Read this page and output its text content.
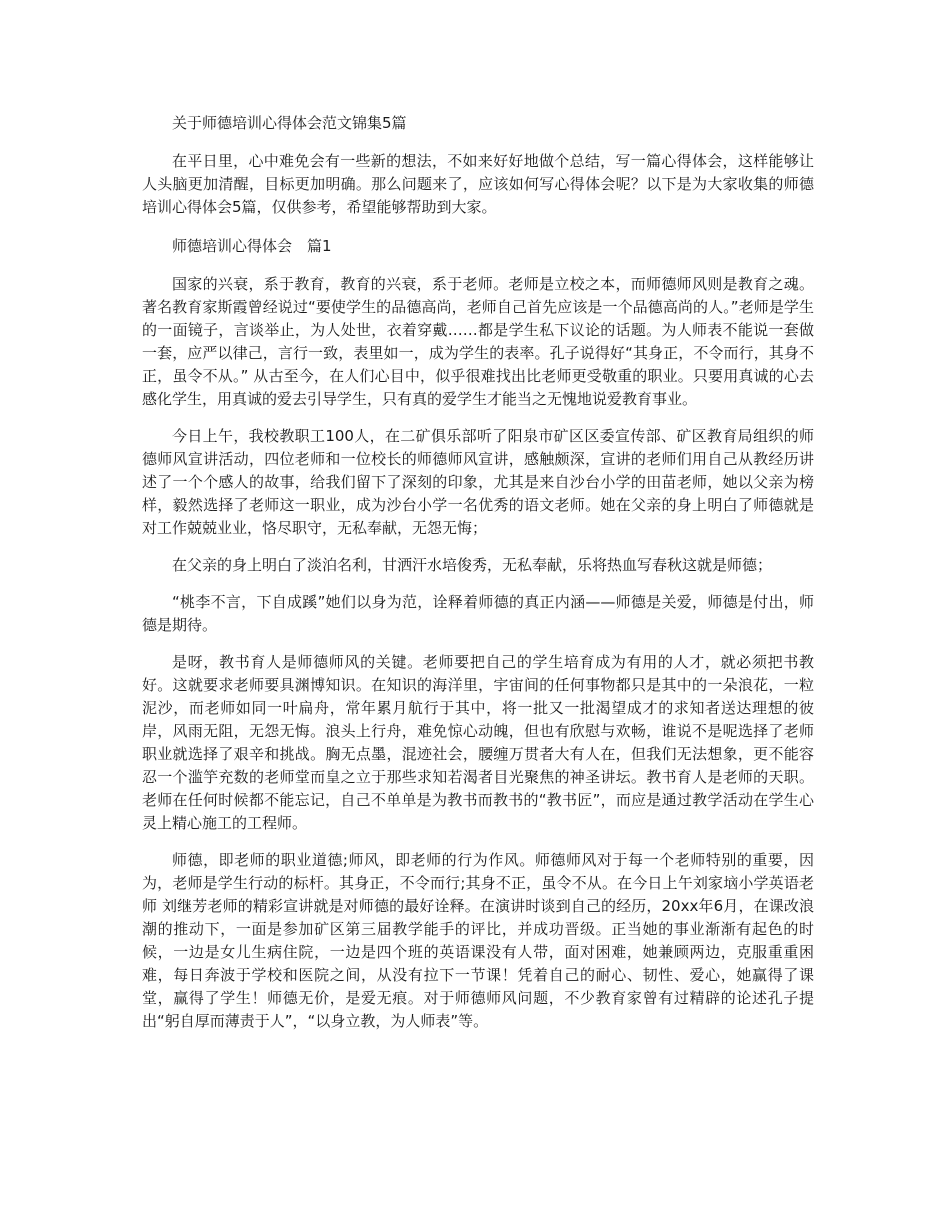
关于师德培训心得体会范文锦集5篇

在平日里，心中难免会有一些新的想法，不如来好好地做个总结，写一篇心得体会，这样能够让人头脑更加清醒，目标更加明确。那么问题来了，应该如何写心得体会呢？以下是为大家收集的师德培训心得体会5篇，仅供参考，希望能够帮助到大家。

师德培训心得体会　篇1

国家的兴衰，系于教育，教育的兴衰，系于老师。老师是立校之本，而师德师风则是教育之魂。著名教育家斯霞曾经说过“要使学生的品德高尚，老师自己首先应该是一个品德高尚的人。”老师是学生的一面镜子，言谈举止，为人处世，衣着穿戴……都是学生私下议论的话题。为人师表不能说一套做一套，应严以律己，言行一致，表里如一，成为学生的表率。孔子说得好“其身正，不令而行，其身不正，虽令不从。” 从古至今，在人们心目中，似乎很难找出比老师更受敬重的职业。只要用真诚的心去感化学生，用真诚的爱去引导学生，只有真的爱学生才能当之无愧地说爱教育事业。

今日上午，我校教职工100人，在二矿俱乐部听了阳泉市矿区区委宣传部、矿区教育局组织的师德师风宣讲活动，四位老师和一位校长的师德师风宣讲，感触颇深，宣讲的老师们用自己从教经历讲述了一个个感人的故事，给我们留下了深刻的印象，尤其是来自沙台小学的田苗老师，她以父亲为榜样，毅然选择了老师这一职业，成为沙台小学一名优秀的语文老师。她在父亲的身上明白了师德就是对工作兢兢业业，恪尽职守，无私奉献，无怨无悔；

在父亲的身上明白了淡泊名利，甘洒汗水培俊秀，无私奉献，乐将热血写春秋这就是师德；

“桃李不言，下自成蹊”她们以身为范，诠释着师德的真正内涵——师德是关爱，师德是付出，师德是期待。

是呀，教书育人是师德师风的关键。老师要把自己的学生培育成为有用的人才，就必须把书教好。这就要求老师要具渊博知识。在知识的海洋里，宇宙间的任何事物都只是其中的一朵浪花，一粒泥沙，而老师如同一叶扁舟，常年累月航行于其中，将一批又一批渴望成才的求知者送达理想的彼岸，风雨无阻，无怨无悔。浪头上行舟，难免惊心动魄，但也有欣慰与欢畅，谁说不是呢选择了老师职业就选择了艰辛和挑战。胸无点墨，混迹社会，腰缠万贯者大有人在，但我们无法想象，更不能容忍一个滥竽充数的老师堂而皇之立于那些求知若渴者目光聚焦的神圣讲坛。教书育人是老师的天职。老师在任何时候都不能忘记，自己不单单是为教书而教书的“教书匠”，而应是通过教学活动在学生心灵上精心施工的工程师。

师德，即老师的职业道德;师风，即老师的行为作风。师德师风对于每一个老师特别的重要，因为，老师是学生行动的标杆。其身正，不令而行;其身不正，虽令不从。在今日上午刘家垴小学英语老师 刘继芳老师的精彩宣讲就是对师德的最好诠释。在演讲时谈到自己的经历，20xx年6月，在课改浪潮的推动下，一面是参加矿区第三届教学能手的评比，并成功晋级。正当她的事业渐渐有起色的时候，一边是女儿生病住院，一边是四个班的英语课没有人带，面对困难，她兼顾两边，克服重重困难，每日奔波于学校和医院之间，从没有拉下一节课！凭着自己的耐心、韧性、爱心，她赢得了课堂，赢得了学生！师德无价，是爱无痕。对于师德师风问题，不少教育家曾有过精辟的论述孔子提出“躬自厚而薄责于人”，“以身立教，为人师表”等。
